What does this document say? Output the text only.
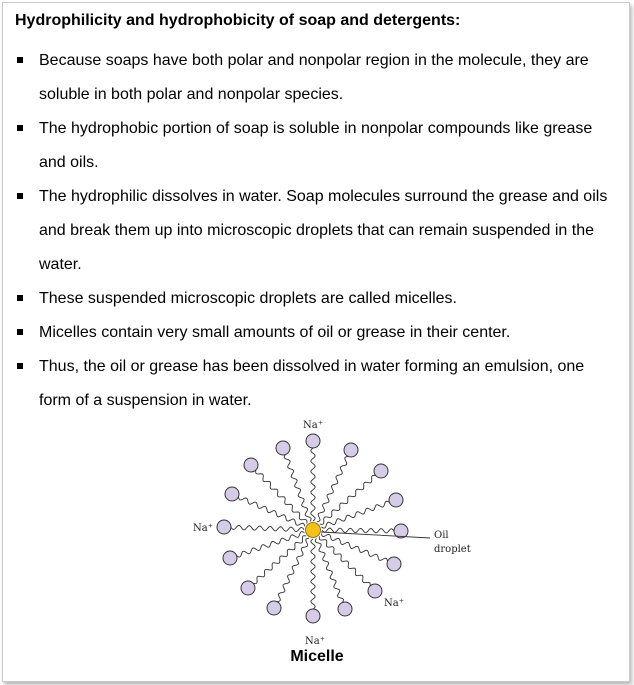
Hydrophilicity and hydrophobicity of soap and detergents:
Because soaps have both polar and nonpolar region in the molecule, they are soluble in both polar and nonpolar species.
The hydrophobic portion of soap is soluble in nonpolar compounds like grease and oils.
The hydrophilic dissolves in water. Soap molecules surround the grease and oils and break them up into microscopic droplets that can remain suspended in the water.
These suspended microscopic droplets are called micelles.
Micelles contain very small amounts of oil or grease in their center.
Thus, the oil or grease has been dissolved in water forming an emulsion, one form of a suspension in water.
Na⁺
Na⁺
Na⁺
Na⁺
Oil
droplet
Micelle
